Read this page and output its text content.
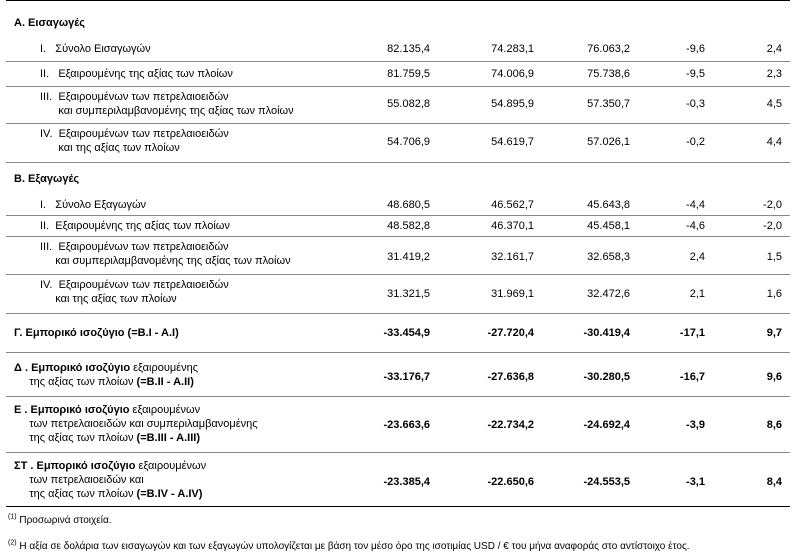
Α. Εισαγωγές
I. Σύνολο Εισαγωγών	82.135,4	74.283,1	76.063,2	-9,6	2,4
II. Εξαιρουμένης της αξίας των πλοίων	81.759,5	74.006,9	75.738,6	-9,5	2,3
III. Εξαιρουμένων των πετρελαιοειδών
και συμπεριλαμβανομένης της αξίας των πλοίων
55.082,8	54.895,9	57.350,7	-0,3	4,5
IV. Εξαιρουμένων των πετρελαιοειδών
και της αξίας των πλοίων	54.706,9	54.619,7	57.026,1	-0,2	4,4
Β. Εξαγωγές
I. Σύνολο Εξαγωγών	48.680,5	46.562,7	45.643,8	-4,4	-2,0
II. Εξαιρουμένης της αξίας των πλοίων	48.582,8	46.370,1	45.458,1	-4,6	-2,0
III. Εξαιρουμένων των πετρελαιοειδών
και συμπεριλαμβανομένης της αξίας των πλοίων	31.419,2	32.161,7	32.658,3	2,4	1,5
IV. Εξαιρουμένων των πετρελαιοειδών
και της αξίας των πλοίων	31.321,5	31.969,1	32.472,6	2,1	1,6
Γ. Εμπορικό ισοζύγιο (=B.I - A.I)	-33.454,9	-27.720,4	-30.419,4	-17,1	9,7
Δ . Εμπορικό ισοζύγιο εξαιρουμένης
της αξίας των πλοίων (=B.II - A.II)	-33.176,7	-27.636,8	-30.280,5	-16,7	9,6
Ε . Εμπορικό ισοζύγιο εξαιρουμένων
των πετρελαιοειδών και συμπεριλαμβανομένης
της αξίας των πλοίων (=B.III - A.III)
-23.663,6	-22.734,2	-24.692,4	-3,9	8,6
ΣΤ . Εμπορικό ισοζύγιο εξαιρουμένων
των πετρελαιοειδών και
της αξίας των πλοίων (=B.IV - A.IV)
-23.385,4	-22.650,6	-24.553,5	-3,1	8,4
$^{(1)}$ Προσωρινά στοιχεία.
$^{(2)}$ Η αξία σε δολάρια των εισαγωγών και των εξαγωγών υπολογίζεται με βάση τον μέσο όρο της ισοτιμίας USD / € του μήνα αναφοράς στο αντίστοιχο έτος.
